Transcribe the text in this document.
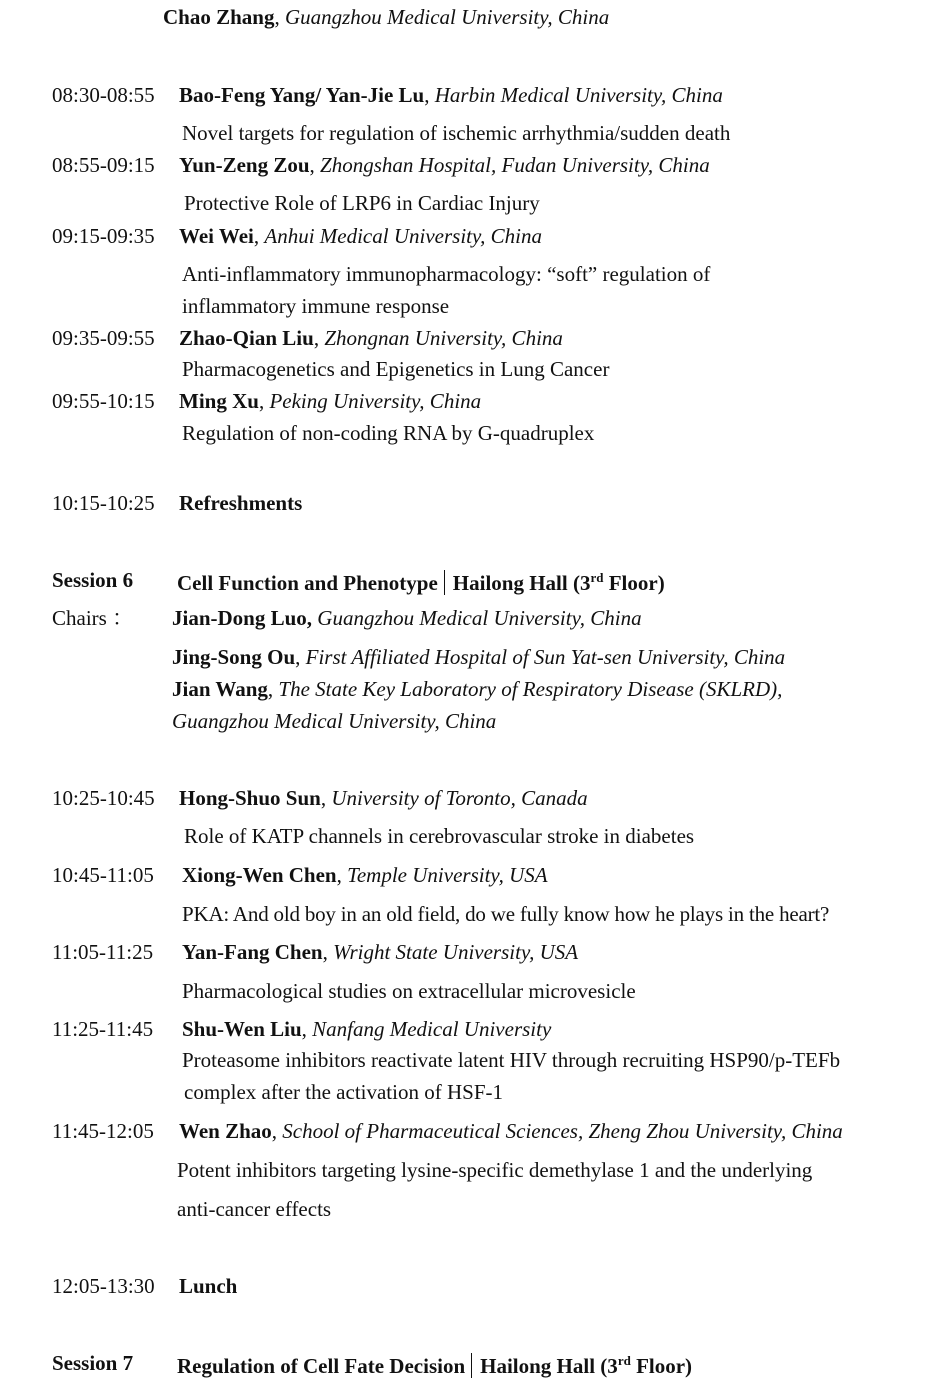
Chao Zhang, Guangzhou Medical University, China
08:30-08:55 Bao-Feng Yang/ Yan-Jie Lu, Harbin Medical University, China
Novel targets for regulation of ischemic arrhythmia/sudden death
08:55-09:15 Yun-Zeng Zou, Zhongshan Hospital, Fudan University, China
Protective Role of LRP6 in Cardiac Injury
09:15-09:35 Wei Wei, Anhui Medical University, China
Anti-inflammatory immunopharmacology: “soft” regulation of
inflammatory immune response
09:35-09:55 Zhao-Qian Liu, Zhongnan University, China
Pharmacogenetics and Epigenetics in Lung Cancer
09:55-10:15 Ming Xu, Peking University, China
Regulation of non-coding RNA by G-quadruplex
10:15-10:25 Refreshments
Session 6 Cell Function and Phenotype Hailong Hall (3rd Floor)
Chairs ： Jian-Dong Luo, Guangzhou Medical University, China
Jing-Song Ou, First Affiliated Hospital of Sun Yat-sen University, China
Jian Wang, The State Key Laboratory of Respiratory Disease (SKLRD),
Guangzhou Medical University, China
10:25-10:45 Hong-Shuo Sun, University of Toronto, Canada
Role of KATP channels in cerebrovascular stroke in diabetes
10:45-11:05 Xiong-Wen Chen, Temple University, USA
PKA: And old boy in an old field, do we fully know how he plays in the heart?
11:05-11:25 Yan-Fang Chen, Wright State University, USA
Pharmacological studies on extracellular microvesicle
11:25-11:45 Shu-Wen Liu, Nanfang Medical University
Proteasome inhibitors reactivate latent HIV through recruiting HSP90/p-TEFb
complex after the activation of HSF-1
11:45-12:05 Wen Zhao, School of Pharmaceutical Sciences, Zheng Zhou University, China
Potent inhibitors targeting lysine-specific demethylase 1 and the underlying
anti-cancer effects
12:05-13:30 Lunch
Session 7 Regulation of Cell Fate Decision Hailong Hall (3rd Floor)
